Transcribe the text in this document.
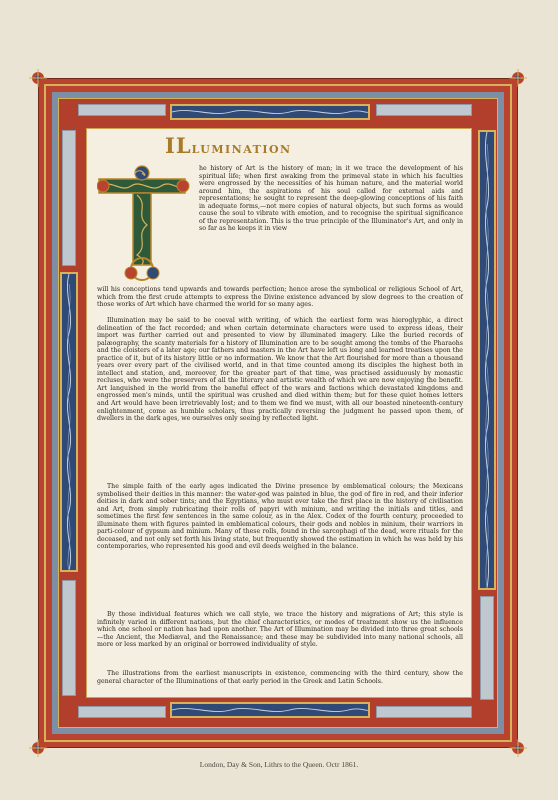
ILlumination

he history of Art is the history of man; in it we trace the development of his spiritual life; when first awaking from the primeval state in which his faculties were engrossed by the necessities of his human nature, and the material world around him, the aspirations of his soul called for external aids and representations; he sought to represent the deep-glowing conceptions of his faith in adequate forms,—not mere copies of natural objects, but such forms as would cause the soul to vibrate with emotion, and to recognise the spiritual significance of the representation. This is the true principle of the Illuminator's Art, and only in so far as he keeps it in view

will his conceptions tend upwards and towards perfection; hence arose the symbolical or religious School of Art, which from the first crude attempts to express the Divine existence advanced by slow degrees to the creation of those works of Art which have charmed the world for so many ages.

Illumination may be said to be coeval with writing, of which the earliest form was hieroglyphic, a direct delineation of the fact recorded; and when certain determinate characters were used to express ideas, their import was further carried out and presented to view by illuminated imagery. Like the buried records of palæography, the scanty materials for a history of Illumination are to be sought among the tombs of the Pharaohs and the cloisters of a later age; our fathers and masters in the Art have left us long and learned treatises upon the practice of it, but of its history little or no information. We know that the Art flourished for more than a thousand years over every part of the civilised world, and in that time counted among its disciples the highest both in intellect and station, and, moreover, for the greater part of that time, was practised assiduously by monastic recluses, who were the preservers of all the literary and artistic wealth of which we are now enjoying the benefit. Art languished in the world from the baneful effect of the wars and factions which devastated kingdoms and engrossed men's minds, until the spiritual was crushed and died within them; but for these quiet homes letters and Art would have been irretrievably lost; and to them we find we must, with all our boasted nineteenth-century enlightenment, come as humble scholars, thus practically reversing the judgment he passed upon them, of dwellers in the dark ages, we ourselves only seeing by reflected light.

The simple faith of the early ages indicated the Divine presence by emblematical colours; the Mexicans symbolised their deities in this manner: the water-god was painted in blue, the god of fire in red, and their inferior deities in dark and sober tints; and the Egyptians, who must ever take the first place in the history of civilisation and Art, from simply rubricating their rolls of papyri with minium, and writing the initials and titles, and sometimes the first few sentences in the same colour, as in the Alex. Codex of the fourth century, proceeded to illuminate them with figures painted in emblematical colours, their gods and nobles in minium, their warriors in parti-colour of gypsum and minium. Many of these rolls, found in the sarcophagi of the dead, were rituals for the deceased, and not only set forth his living state, but frequently showed the estimation in which he was held by his contemporaries, who represented his good and evil deeds weighed in the balance.

By those individual features which we call style, we trace the history and migrations of Art; this style is infinitely varied in different nations, but the chief characteristics, or modes of treatment show us the influence which one school or nation has had upon another. The Art of Illumination may be divided into three great schools—the Ancient, the Mediæval, and the Renaissance; and these may be subdivided into many national schools, all more or less marked by an original or borrowed individuality of style.

The illustrations from the earliest manuscripts in existence, commencing with the third century, show the general character of the Illuminations of that early period in the Greek and Latin Schools.

London, Day & Son, Lithrs to the Queen. Octr 1861.
